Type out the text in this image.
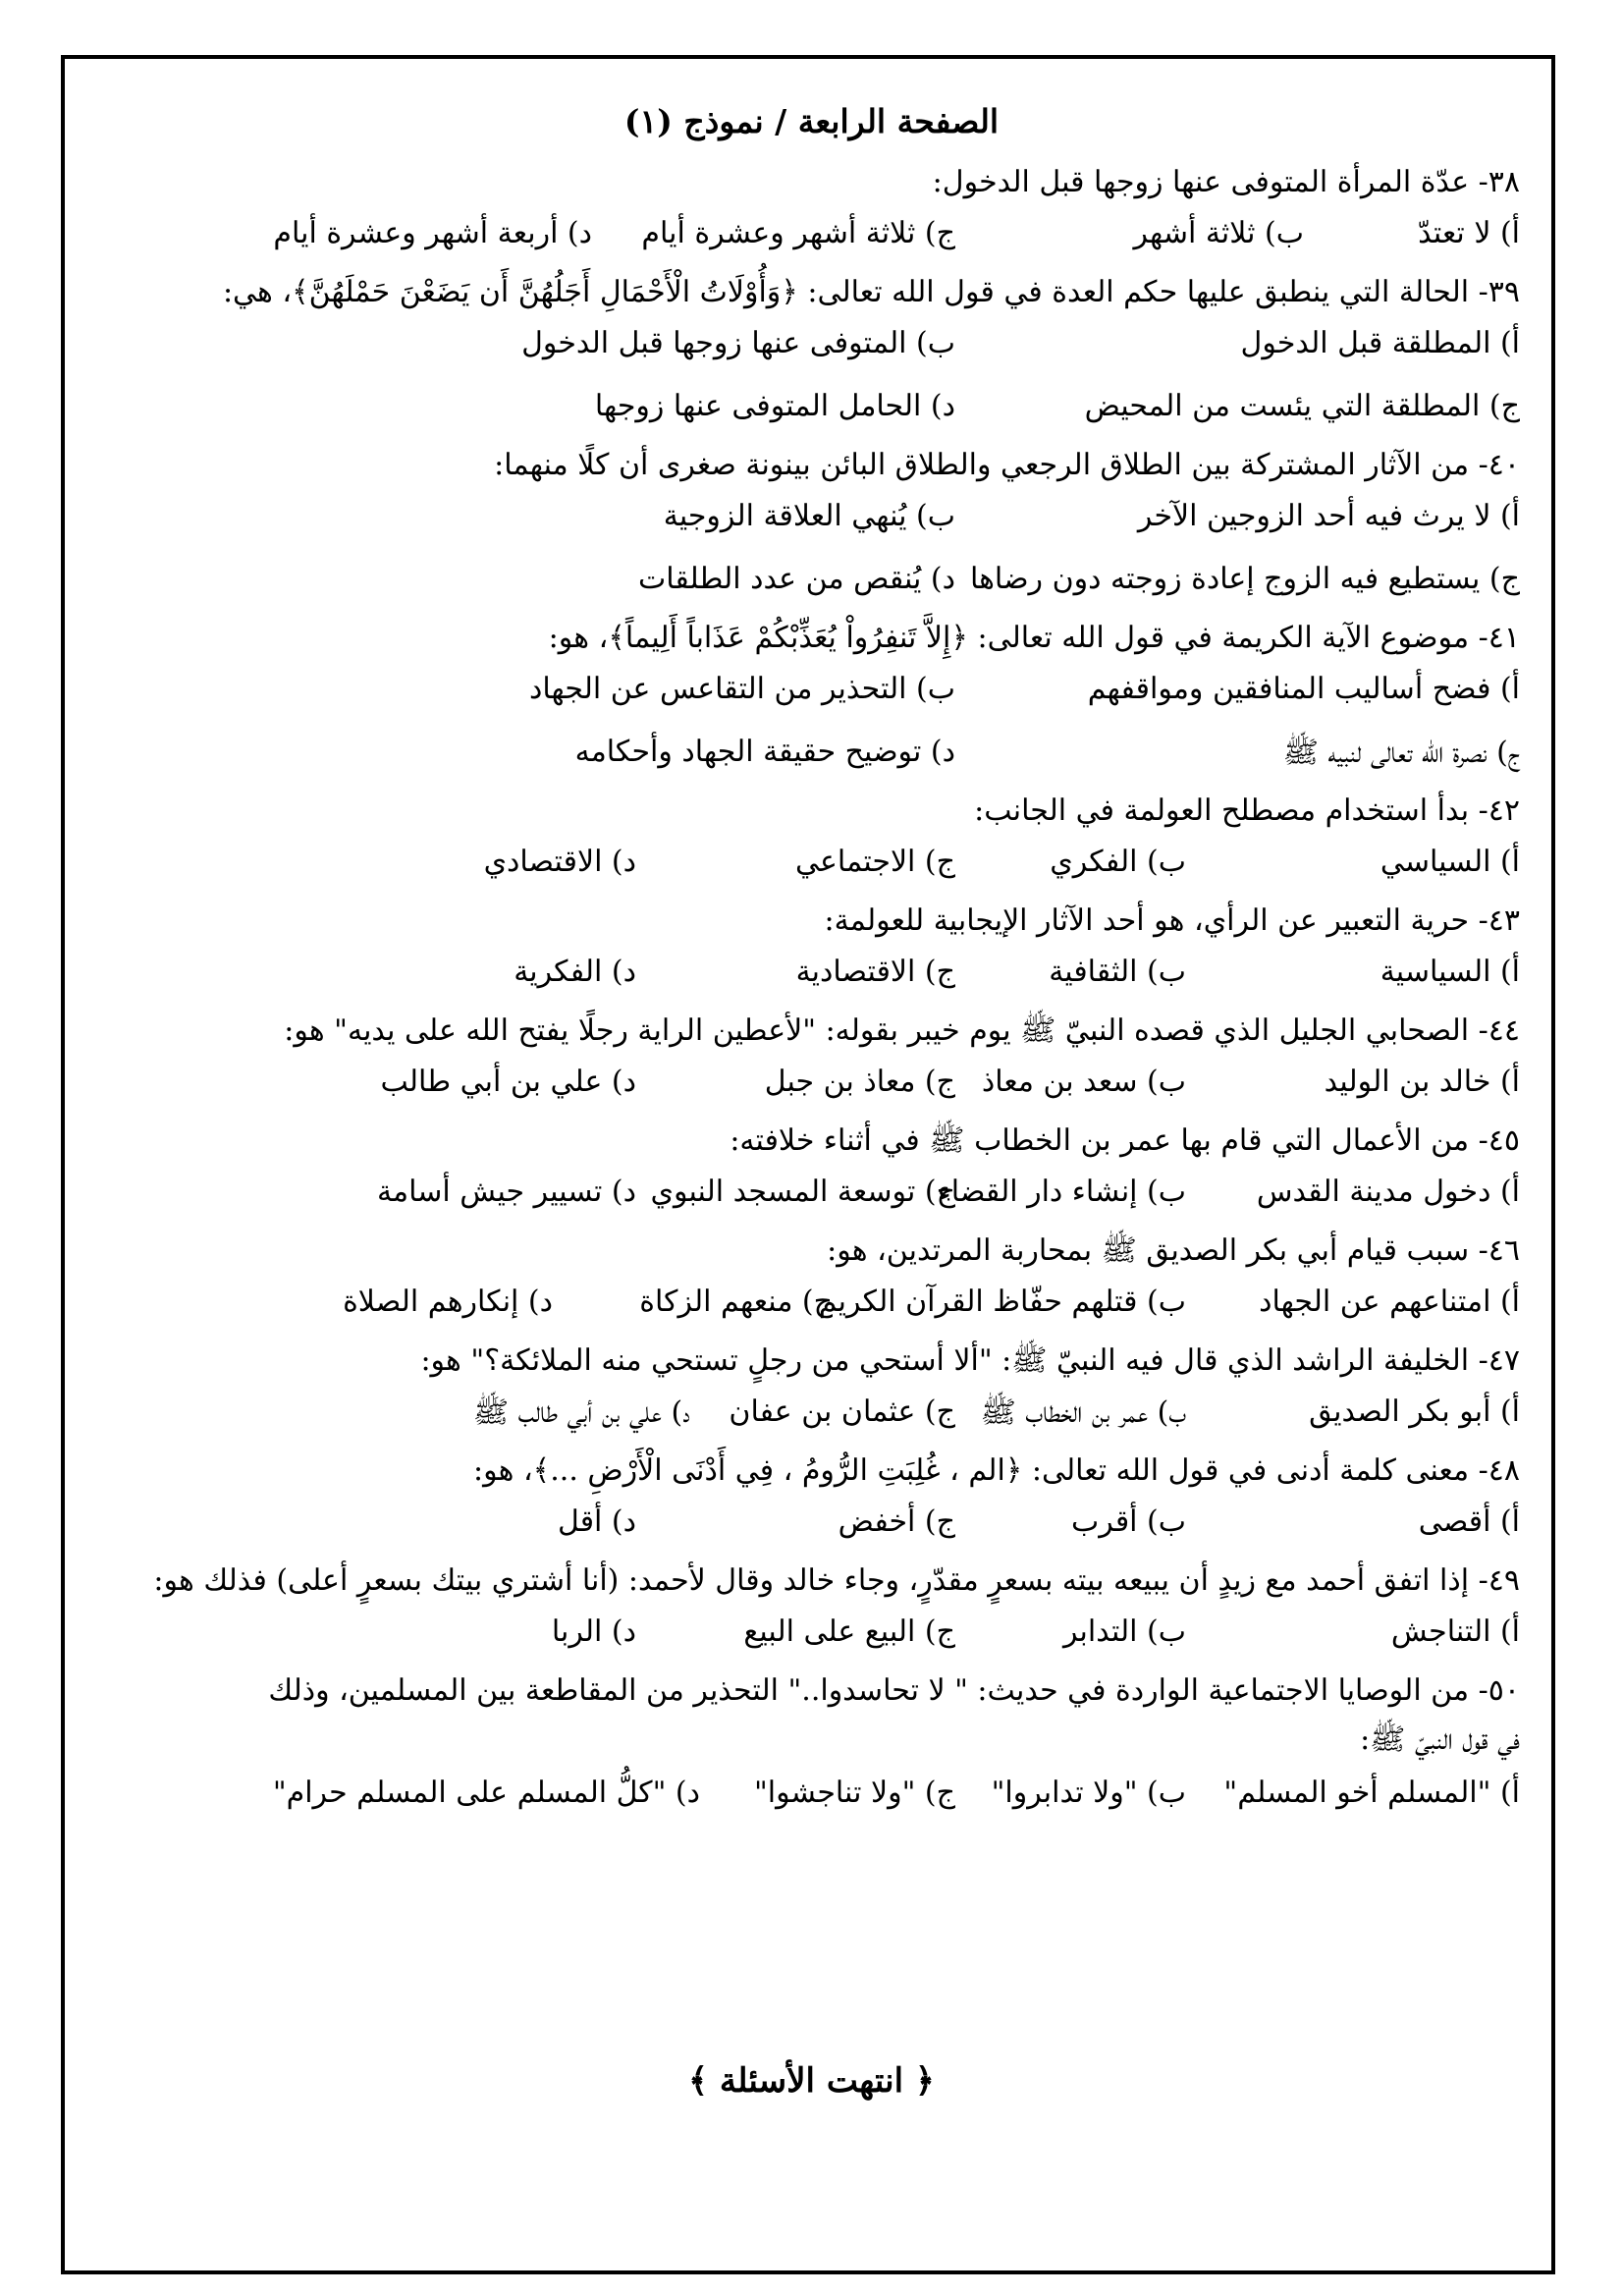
الصفحة الرابعة / نموذج (١)

٣٨- عدّة المرأة المتوفى عنها زوجها قبل الدخول:

أ) لا تعتدّ
ب) ثلاثة أشهر
ج) ثلاثة أشهر وعشرة أيام
د) أربعة أشهر وعشرة أيام

٣٩- الحالة التي ينطبق عليها حكم العدة في قول الله تعالى: ﴿وَأُوْلَاتُ الْأَحْمَالِ أَجَلُهُنَّ أَن يَضَعْنَ حَمْلَهُنَّ﴾، هي:

أ) المطلقة قبل الدخول
ب) المتوفى عنها زوجها قبل الدخول
ج) المطلقة التي يئست من المحيض
د) الحامل المتوفى عنها زوجها

٤٠- من الآثار المشتركة بين الطلاق الرجعي والطلاق البائن بينونة صغرى أن كلًا منهما:

أ) لا يرث فيه أحد الزوجين الآخر
ب) يُنهي العلاقة الزوجية
ج) يستطيع فيه الزوج إعادة زوجته دون رضاها
د) يُنقص من عدد الطلقات

٤١- موضوع الآية الكريمة في قول الله تعالى: ﴿إِلاَّ تَنفِرُواْ يُعَذِّبْكُمْ عَذَاباً أَلِيماً﴾، هو:

أ) فضح أساليب المنافقين ومواقفهم
ب) التحذير من التقاعس عن الجهاد
ج) نصرة الله تعالى لنبيه ﷺ
د) توضيح حقيقة الجهاد وأحكامه

٤٢- بدأ استخدام مصطلح العولمة في الجانب:

أ) السياسي
ب) الفكري
ج) الاجتماعي
د) الاقتصادي

٤٣- حرية التعبير عن الرأي، هو أحد الآثار الإيجابية للعولمة:

أ) السياسية
ب) الثقافية
ج) الاقتصادية
د) الفكرية

٤٤- الصحابي الجليل الذي قصده النبيّ ﷺ يوم خيبر بقوله: "لأعطين الراية رجلًا يفتح الله على يديه" هو:

أ) خالد بن الوليد
ب) سعد بن معاذ
ج) معاذ بن جبل
د) علي بن أبي طالب

٤٥- من الأعمال التي قام بها عمر بن الخطاب ﷺ في أثناء خلافته:

أ) دخول مدينة القدس
ب) إنشاء دار القضاء
ج) توسعة المسجد النبوي
د) تسيير جيش أسامة

٤٦- سبب قيام أبي بكر الصديق ﷺ بمحاربة المرتدين، هو:

أ) امتناعهم عن الجهاد
ب) قتلهم حفّاظ القرآن الكريم
ج) منعهم الزكاة
د) إنكارهم الصلاة

٤٧- الخليفة الراشد الذي قال فيه النبيّ ﷺ: "ألا أستحي من رجلٍ تستحي منه الملائكة؟" هو:

أ) أبو بكر الصديق
ب) عمر بن الخطاب ﷺ
ج) عثمان بن عفان
د) علي بن أبي طالب ﷺ

٤٨- معنى كلمة أدنى في قول الله تعالى: ﴿الم ، غُلِبَتِ الرُّومُ ، فِي أَدْنَى الْأَرْضِ ...﴾، هو:

أ) أقصى
ب) أقرب
ج) أخفض
د) أقل

٤٩- إذا اتفق أحمد مع زيدٍ أن يبيعه بيته بسعرٍ مقدّرٍ، وجاء خالد وقال لأحمد: (أنا أشتري بيتك بسعرٍ أعلى) فذلك هو:

أ) التناجش
ب) التدابر
ج) البيع على البيع
د) الربا

٥٠- من الوصايا الاجتماعية الواردة في حديث: " لا تحاسدوا.." التحذير من المقاطعة بين المسلمين، وذلك

في قول النبيّ ﷺ:

أ) "المسلم أخو المسلم"
ب) "ولا تدابروا"
ج) "ولا تناجشوا"
د) "كلُّ المسلم على المسلم حرام"
﴿ انتهت الأسئلة ﴾
